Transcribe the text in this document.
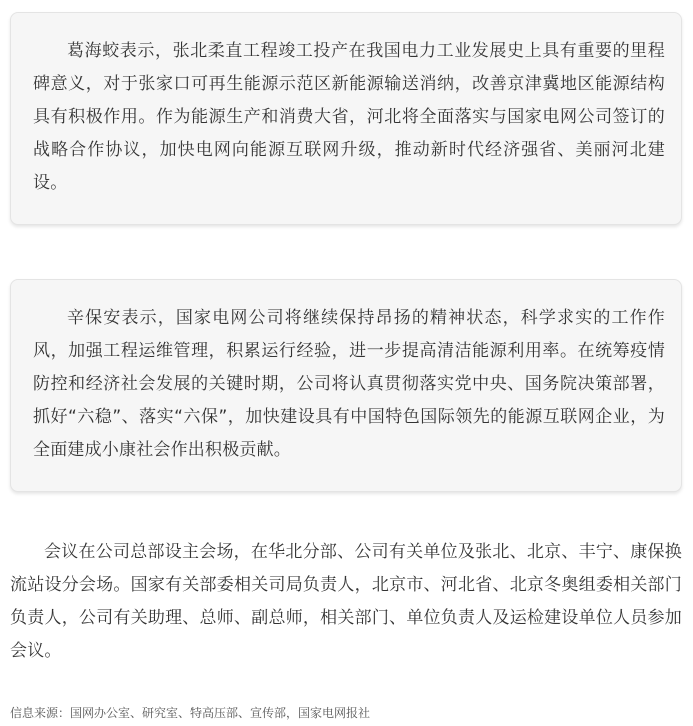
葛海蛟表示，张北柔直工程竣工投产在我国电力工业发展史上具有重要的里程碑意义，对于张家口可再生能源示范区新能源输送消纳，改善京津冀地区能源结构具有积极作用。作为能源生产和消费大省，河北将全面落实与国家电网公司签订的战略合作协议，加快电网向能源互联网升级，推动新时代经济强省、美丽河北建设。

辛保安表示，国家电网公司将继续保持昂扬的精神状态，科学求实的工作作风，加强工程运维管理，积累运行经验，进一步提高清洁能源利用率。在统筹疫情防控和经济社会发展的关键时期，公司将认真贯彻落实党中央、国务院决策部署，抓好“六稳”、落实“六保”，加快建设具有中国特色国际领先的能源互联网企业，为全面建成小康社会作出积极贡献。

会议在公司总部设主会场，在华北分部、公司有关单位及张北、北京、丰宁、康保换流站设分会场。国家有关部委相关司局负责人，北京市、河北省、北京冬奥组委相关部门负责人，公司有关助理、总师、副总师，相关部门、单位负责人及运检建设单位人员参加会议。

信息来源：国网办公室、研究室、特高压部、宣传部，国家电网报社
